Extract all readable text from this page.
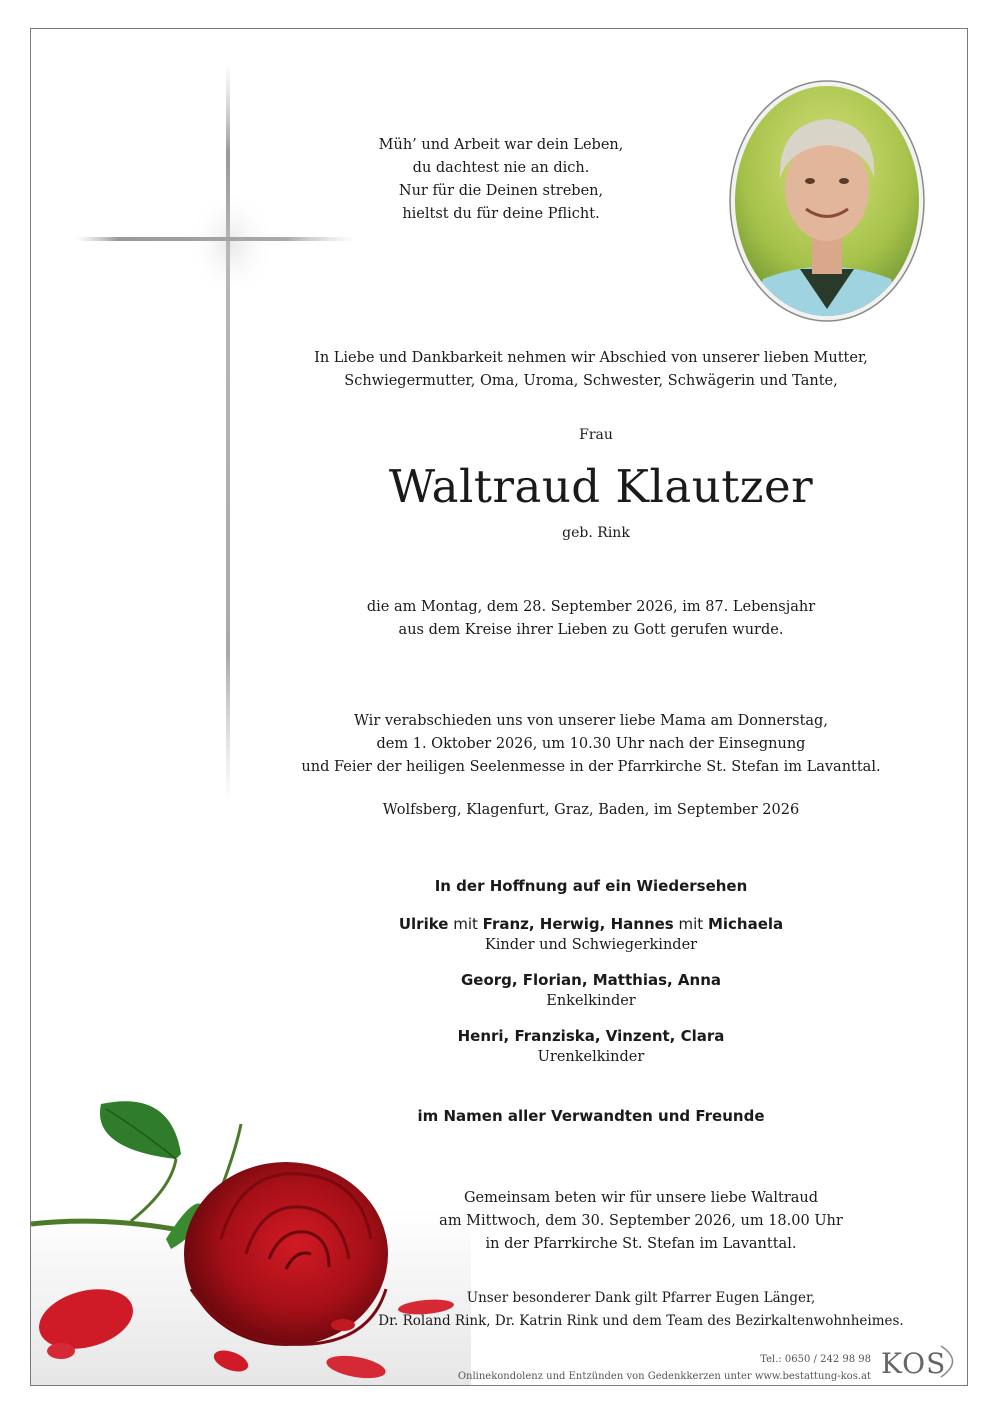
Müh’ und Arbeit war dein Leben,
du dachtest nie an dich.
Nur für die Deinen streben,
hieltst du für deine Pflicht.
In Liebe und Dankbarkeit nehmen wir Abschied von unserer lieben Mutter,
Schwiegermutter, Oma, Uroma, Schwester, Schwägerin und Tante,
Frau
Waltraud Klautzer
geb. Rink
die am Montag, dem 28. September 2026, im 87. Lebensjahr
aus dem Kreise ihrer Lieben zu Gott gerufen wurde.
Wir verabschieden uns von unserer liebe Mama am Donnerstag,
dem 1. Oktober 2026, um 10.30 Uhr nach der Einsegnung
und Feier der heiligen Seelenmesse in der Pfarrkirche St. Stefan im Lavanttal.
Wolfsberg, Klagenfurt, Graz, Baden, im September 2026
In der Hoffnung auf ein Wiedersehen
Ulrike mit Franz, Herwig, Hannes mit Michaela
Kinder und Schwiegerkinder
Georg, Florian, Matthias, Anna
Enkelkinder
Henri, Franziska, Vinzent, Clara
Urenkelkinder
im Namen aller Verwandten und Freunde
Gemeinsam beten wir für unsere liebe Waltraud
am Mittwoch, dem 30. September 2026, um 18.00 Uhr
in der Pfarrkirche St. Stefan im Lavanttal.
Unser besonderer Dank gilt Pfarrer Eugen Länger,
Dr. Roland Rink, Dr. Katrin Rink und dem Team des Bezirkaltenwohnheimes.
Tel.: 0650 / 242 98 98
Onlinekondolenz und Entzünden von Gedenkkerzen unter www.bestattung-kos.at KOS
